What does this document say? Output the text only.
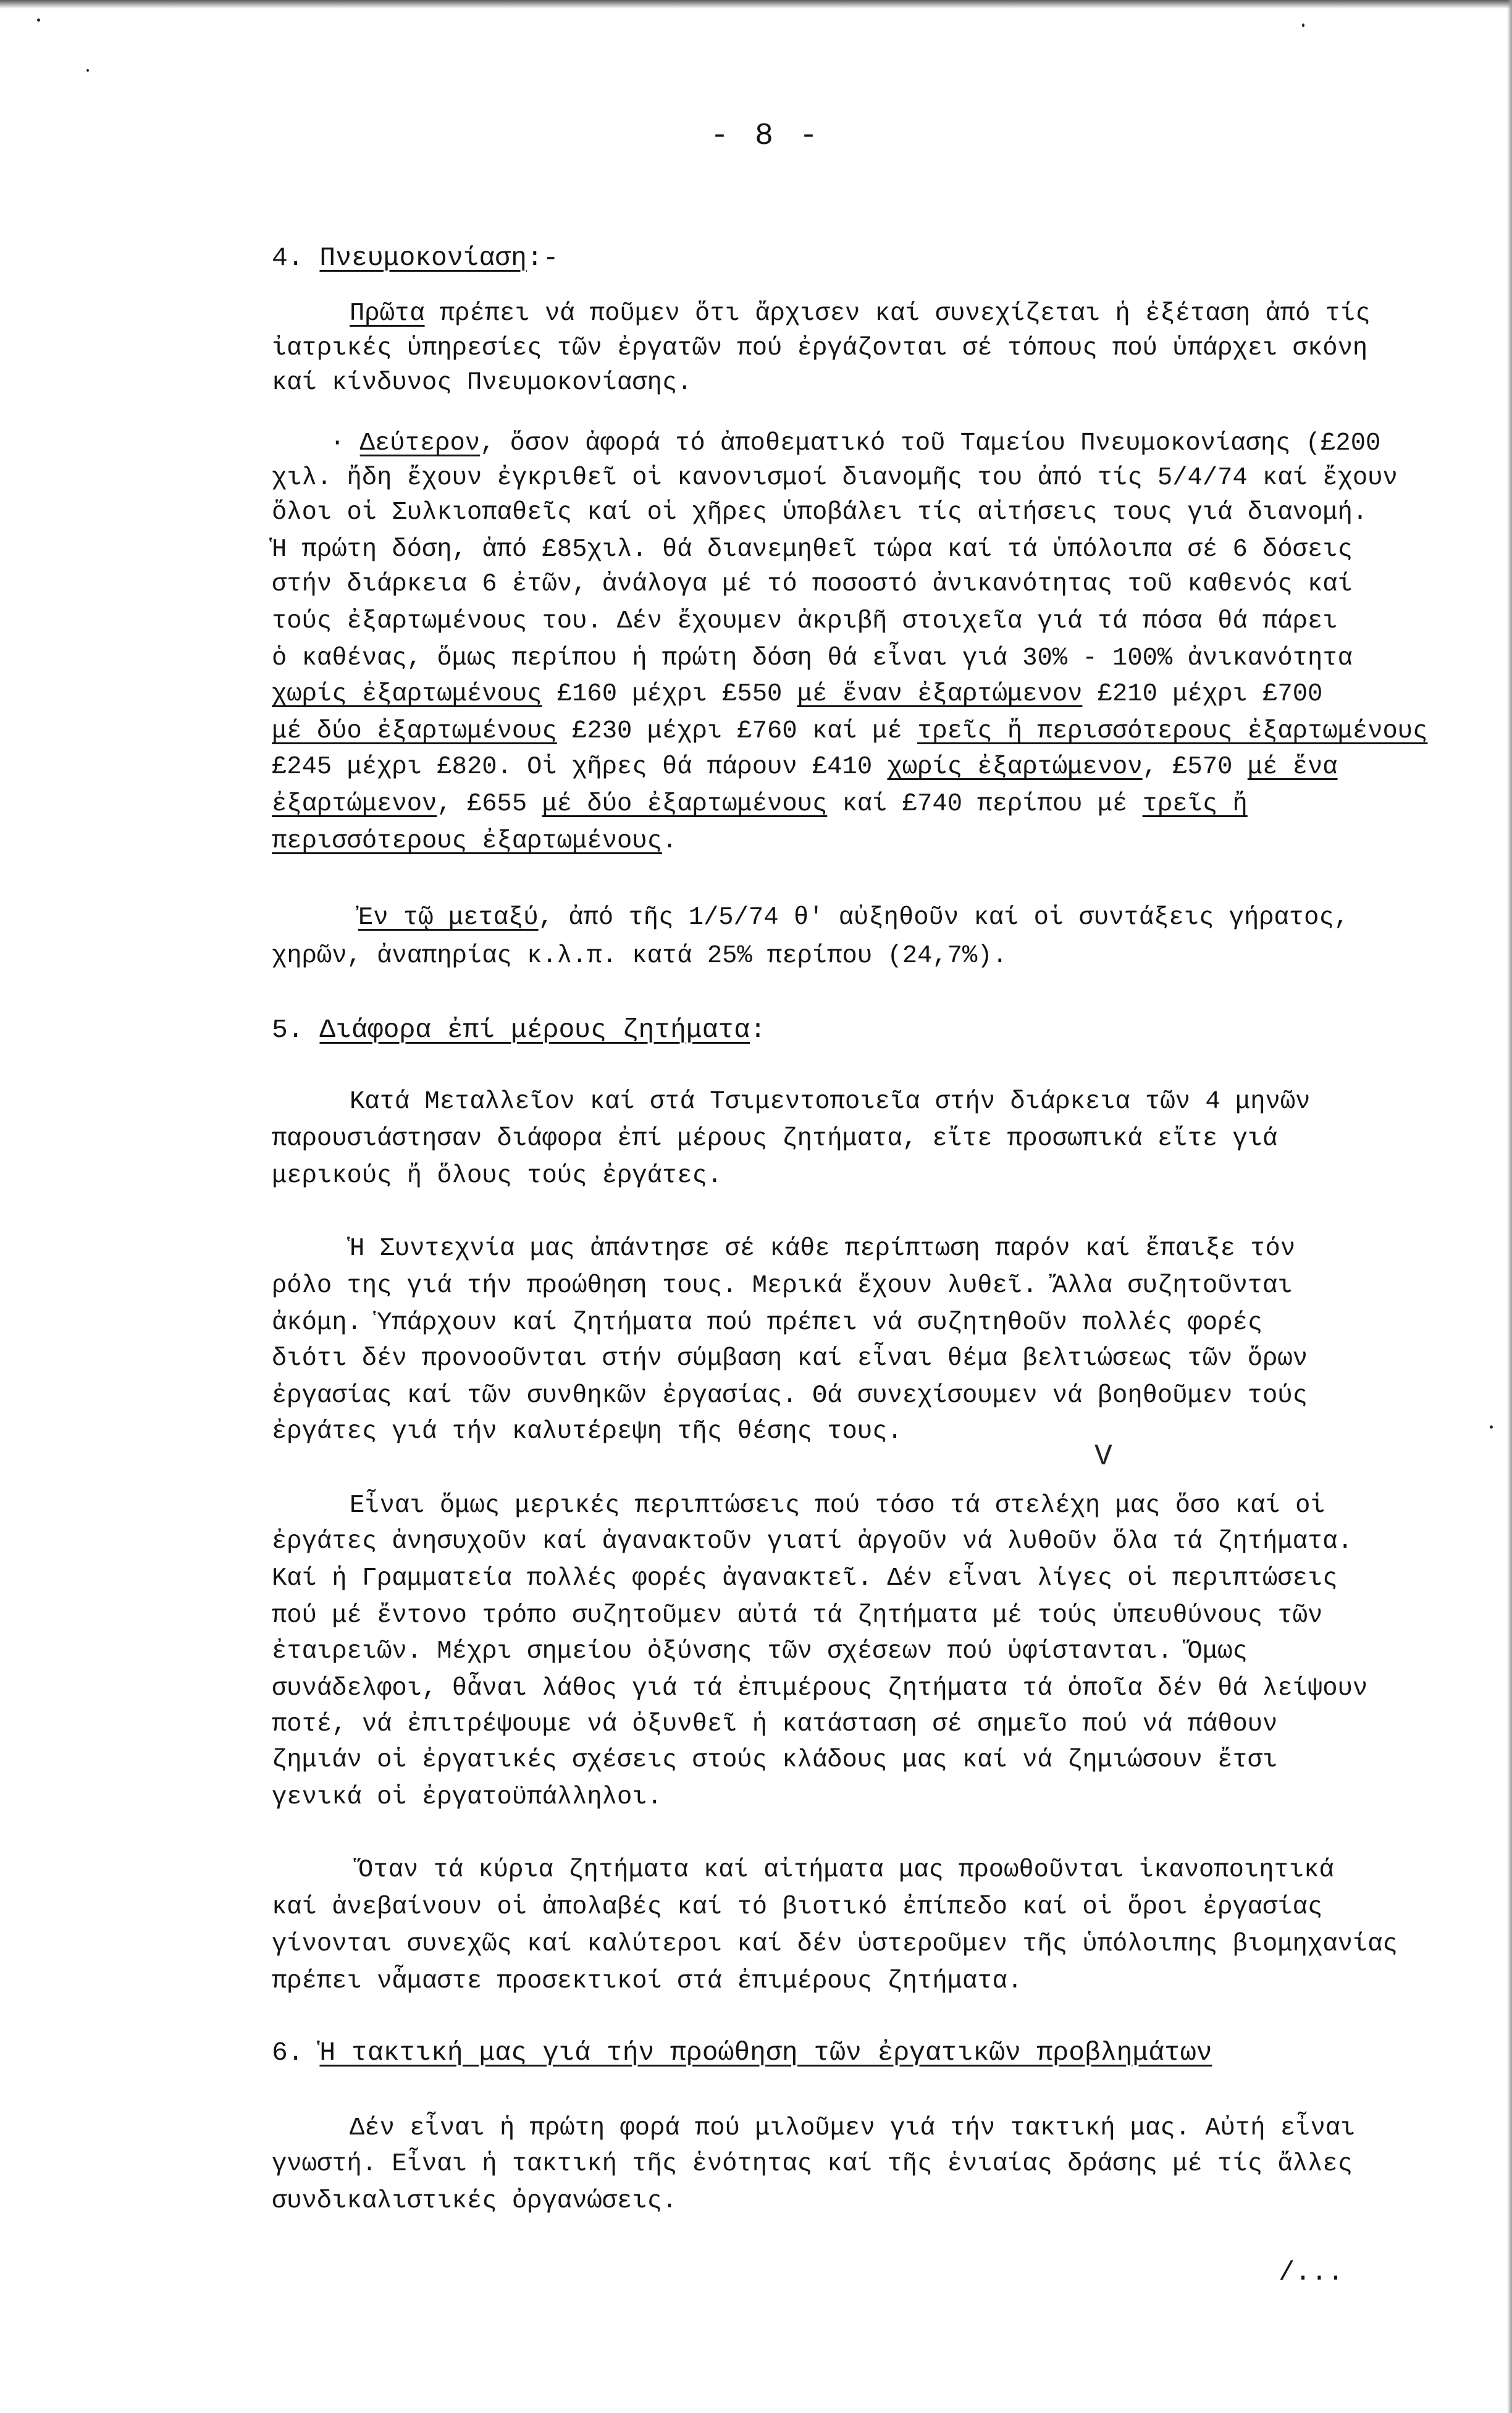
- 8 -
4. Πνευμοκονίαση:-
Πρῶτα πρέπει νά ποῦμεν ὅτι ἄρχισεν καί συνεχίζεται ἡ ἐξέταση ἀπό τίς
ἰατρικές ὑπηρεσίες τῶν ἐργατῶν πού ἐργάζονται σέ τόπους πού ὑπάρχει σκόνη
καί κίνδυνος Πνευμοκονίασης.
· Δεύτερον, ὅσον ἀφορά τό ἀποθεματικό τοῦ Ταμείου Πνευμοκονίασης (£200
χιλ. ἤδη ἔχουν ἐγκριθεῖ οἱ κανονισμοί διανομῆς του ἀπό τίς 5/4/74 καί ἔχουν
ὅλοι οἱ Συλκιοπαθεῖς καί οἱ χῆρες ὑποβάλει τίς αἰτήσεις τους γιά διανομή.
Ἡ πρώτη δόση, ἀπό £85χιλ. θά διανεμηθεῖ τώρα καί τά ὑπόλοιπα σέ 6 δόσεις
στήν διάρκεια 6 ἐτῶν, ἀνάλογα μέ τό ποσοστό ἀνικανότητας τοῦ καθενός καί
τούς ἐξαρτωμένους του. Δέν ἔχουμεν ἀκριβῆ στοιχεῖα γιά τά πόσα θά πάρει
ὁ καθένας, ὅμως περίπου ἡ πρώτη δόση θά εἶναι γιά 30% - 100% ἀνικανότητα
χωρίς ἐξαρτωμένους £160 μέχρι £550 μέ ἕναν ἐξαρτώμενον £210 μέχρι £700
μέ δύο ἐξαρτωμένους £230 μέχρι £760 καί μέ τρεῖς ἤ περισσότερους ἐξαρτωμένους
£245 μέχρι £820. Οἱ χῆρες θά πάρουν £410 χωρίς ἐξαρτώμενον, £570 μέ ἕνα
ἐξαρτώμενον, £655 μέ δύο ἐξαρτωμένους καί £740 περίπου μέ τρεῖς ἤ
περισσότερους ἐξαρτωμένους.
Ἐν τῷ μεταξύ, ἀπό τῆς 1/5/74 θ' αὐξηθοῦν καί οἱ συντάξεις γήρατος,
χηρῶν, ἀναπηρίας κ.λ.π. κατά 25% περίπου (24,7%).
5. Διάφορα ἐπί μέρους ζητήματα:
Κατά Μεταλλεῖον καί στά Τσιμεντοποιεῖα στήν διάρκεια τῶν 4 μηνῶν
παρουσιάστησαν διάφορα ἐπί μέρους ζητήματα, εἴτε προσωπικά εἴτε γιά
μερικούς ἤ ὅλους τούς ἐργάτες.
Ἡ Συντεχνία μας ἀπάντησε σέ κάθε περίπτωση παρόν καί ἔπαιξε τόν
ρόλο της γιά τήν προώθηση τους. Μερικά ἔχουν λυθεῖ. Ἄλλα συζητοῦνται
ἀκόμη. Ὑπάρχουν καί ζητήματα πού πρέπει νά συζητηθοῦν πολλές φορές
διότι δέν προνοοῦνται στήν σύμβαση καί εἶναι θέμα βελτιώσεως τῶν ὅρων
ἐργασίας καί τῶν συνθηκῶν ἐργασίας. Θά συνεχίσουμεν νά βοηθοῦμεν τούς
ἐργάτες γιά τήν καλυτέρεψη τῆς θέσης τους.
V
Εἶναι ὅμως μερικές περιπτώσεις πού τόσο τά στελέχη μας ὅσο καί οἱ
ἐργάτες ἀνησυχοῦν καί ἀγανακτοῦν γιατί ἀργοῦν νά λυθοῦν ὅλα τά ζητήματα.
Καί ἡ Γραμματεία πολλές φορές ἀγανακτεῖ. Δέν εἶναι λίγες οἱ περιπτώσεις
πού μέ ἔντονο τρόπο συζητοῦμεν αὐτά τά ζητήματα μέ τούς ὑπευθύνους τῶν
ἐταιρειῶν. Μέχρι σημείου ὀξύνσης τῶν σχέσεων πού ὑφίστανται. Ὅμως
συνάδελφοι, θἆναι λάθος γιά τά ἐπιμέρους ζητήματα τά ὁποῖα δέν θά λείψουν
ποτέ, νά ἐπιτρέψουμε νά ὀξυνθεῖ ἡ κατάσταση σέ σημεῖο πού νά πάθουν
ζημιάν οἱ ἐργατικές σχέσεις στούς κλάδους μας καί νά ζημιώσουν ἔτσι
γενικά οἱ ἐργατοϋπάλληλοι.
Ὅταν τά κύρια ζητήματα καί αἰτήματα μας προωθοῦνται ἱκανοποιητικά
καί ἀνεβαίνουν οἱ ἀπολαβές καί τό βιοτικό ἐπίπεδο καί οἱ ὅροι ἐργασίας
γίνονται συνεχῶς καί καλύτεροι καί δέν ὑστεροῦμεν τῆς ὑπόλοιπης βιομηχανίας
πρέπει νἆμαστε προσεκτικοί στά ἐπιμέρους ζητήματα.
6. Ἡ τακτική μας γιά τήν προώθηση τῶν ἐργατικῶν προβλημάτων
Δέν εἶναι ἡ πρώτη φορά πού μιλοῦμεν γιά τήν τακτική μας. Αὐτή εἶναι
γνωστή. Εἶναι ἡ τακτική τῆς ἑνότητας καί τῆς ἑνιαίας δράσης μέ τίς ἄλλες
συνδικαλιστικές ὀργανώσεις.
/...
